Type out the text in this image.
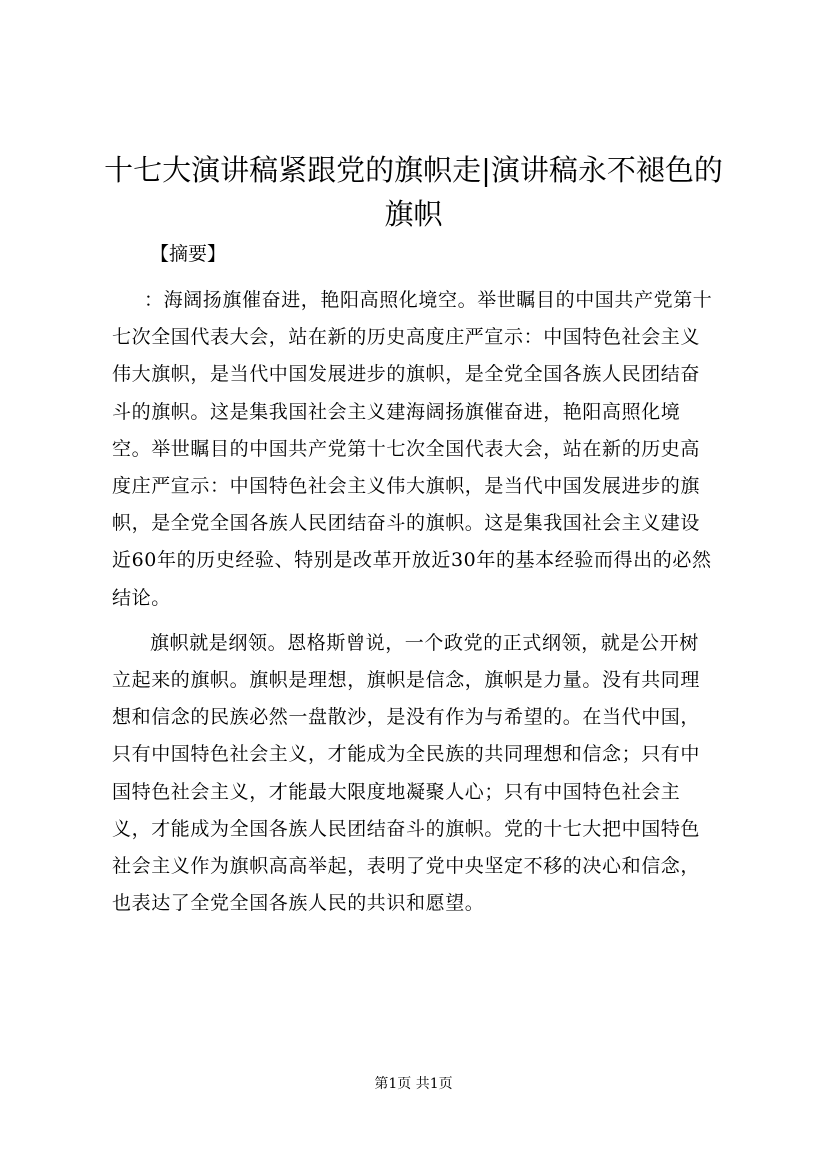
十七大演讲稿紧跟党的旗帜走|演讲稿永不褪色的旗帜
【摘要】

：海阔扬旗催奋进，艳阳高照化境空。举世瞩目的中国共产党第十七次全国代表大会，站在新的历史高度庄严宣示：中国特色社会主义伟大旗帜，是当代中国发展进步的旗帜，是全党全国各族人民团结奋斗的旗帜。这是集我国社会主义建海阔扬旗催奋进，艳阳高照化境空。举世瞩目的中国共产党第十七次全国代表大会，站在新的历史高度庄严宣示：中国特色社会主义伟大旗帜，是当代中国发展进步的旗帜，是全党全国各族人民团结奋斗的旗帜。这是集我国社会主义建设近60年的历史经验、特别是改革开放近30年的基本经验而得出的必然结论。

旗帜就是纲领。恩格斯曾说，一个政党的正式纲领，就是公开树立起来的旗帜。旗帜是理想，旗帜是信念，旗帜是力量。没有共同理想和信念的民族必然一盘散沙，是没有作为与希望的。在当代中国，只有中国特色社会主义，才能成为全民族的共同理想和信念；只有中国特色社会主义，才能最大限度地凝聚人心；只有中国特色社会主义，才能成为全国各族人民团结奋斗的旗帜。党的十七大把中国特色社会主义作为旗帜高高举起，表明了党中央坚定不移的决心和信念，也表达了全党全国各族人民的共识和愿望。

第1页 共1页
